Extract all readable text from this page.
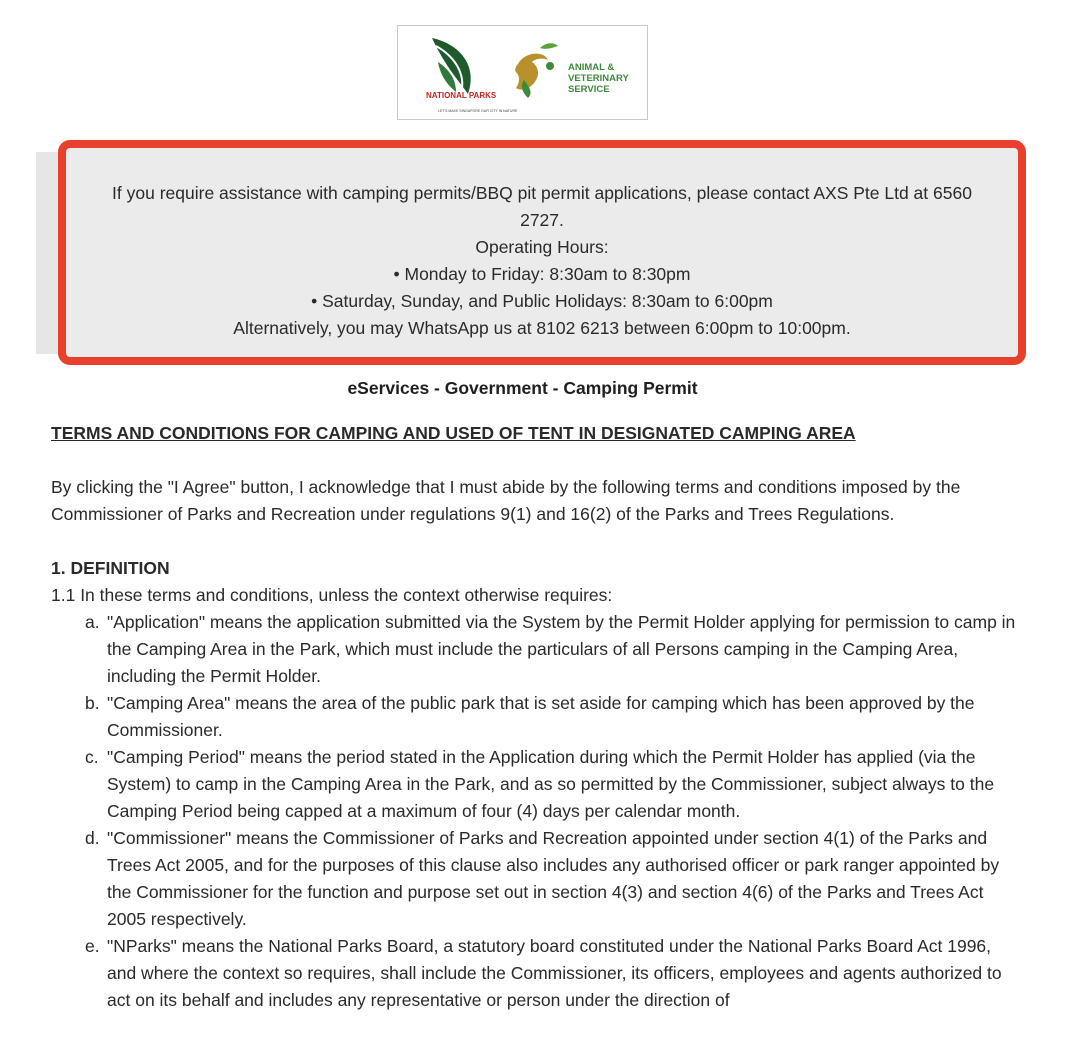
NATIONAL PARKS
LET'S MAKE SINGAPORE OUR CITY IN NATURE
ANIMAL &
VETERINARY
SERVICE

If you require assistance with camping permits/BBQ pit permit applications, please contact AXS Pte Ltd at 6560 2727.

Operating Hours:

• Monday to Friday: 8:30am to 8:30pm

• Saturday, Sunday, and Public Holidays: 8:30am to 6:00pm

Alternatively, you may WhatsApp us at 8102 6213 between 6:00pm to 10:00pm.

eServices - Government - Camping Permit

TERMS AND CONDITIONS FOR CAMPING AND USED OF TENT IN DESIGNATED CAMPING AREA

By clicking the "I Agree" button, I acknowledge that I must abide by the following terms and conditions imposed by the Commissioner of Parks and Recreation under regulations 9(1) and 16(2) of the Parks and Trees Regulations.

1. DEFINITION

1.1 In these terms and conditions, unless the context otherwise requires:

a. "Application" means the application submitted via the System by the Permit Holder applying for permission to camp in the Camping Area in the Park, which must include the particulars of all Persons camping in the Camping Area, including the Permit Holder.
b. "Camping Area" means the area of the public park that is set aside for camping which has been approved by the Commissioner.
c. "Camping Period" means the period stated in the Application during which the Permit Holder has applied (via the System) to camp in the Camping Area in the Park, and as so permitted by the Commissioner, subject always to the Camping Period being capped at a maximum of four (4) days per calendar month.
d. "Commissioner" means the Commissioner of Parks and Recreation appointed under section 4(1) of the Parks and Trees Act 2005, and for the purposes of this clause also includes any authorised officer or park ranger appointed by the Commissioner for the function and purpose set out in section 4(3) and section 4(6) of the Parks and Trees Act 2005 respectively.
e. "NParks" means the National Parks Board, a statutory board constituted under the National Parks Board Act 1996, and where the context so requires, shall include the Commissioner, its officers, employees and agents authorized to act on its behalf and includes any representative or person under the direction of
